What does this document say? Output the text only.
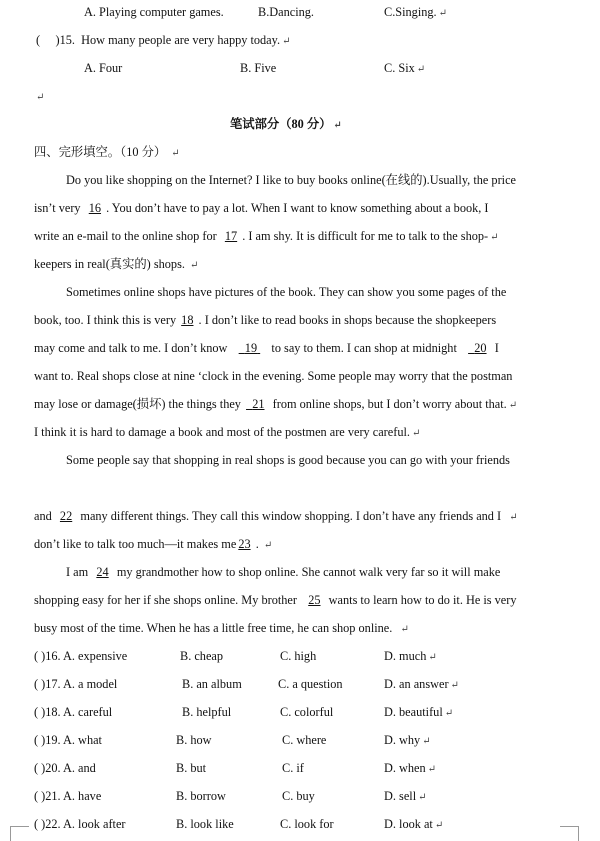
A. Playing computer games.	B.Dancing.	C.Singing. ↵
( )15. How many people are very happy today. ↵
A. Four	B. Five	C. Six ↵
↵
笔试部分（80 分） ↵
四、完形填空。（10 分） ↵
Do you like shopping on the Internet? I like to buy books online(在线的).Usually, the price
isn’t very 16 . You don’t have to pay a lot. When I want to know something about a book, I
write an e-mail to the online shop for 17 . I am shy. It is difficult for me to talk to the shop- ↵
keepers in real(真实的) shops. ↵
Sometimes online shops have pictures of the book. They can show you some pages of the
book, too. I think this is very 18 . I don’t like to read books in shops because the shopkeepers
may come and talk to me. I don’t know 19 to say to them. I can shop at midnight 20 I
want to. Real shops close at nine ‘clock in the evening. Some people may worry that the postman
may lose or damage(损坏) the things they 21 from online shops, but I don’t worry about that. ↵
I think it is hard to damage a book and most of the postmen are very careful. ↵
Some people say that shopping in real shops is good because you can go with your friends
and 22 many different things. They call this window shopping. I don’t have any friends and I ↵
don’t like to talk too much—it makes me 23 . ↵
I am 24 my grandmother how to shop online. She cannot walk very far so it will make
shopping easy for her if she shops online. My brother 25 wants to learn how to do it. He is very
busy most of the time. When he has a little free time, he can shop online. ↵
( )16. A. expensive	B. cheap	C. high	D. much ↵
( )17. A. a model	B. an album	C. a question	D. an answer ↵
( )18. A. careful	B. helpful	C. colorful	D. beautiful ↵
( )19. A. what	B. how	C. where	D. why ↵
( )20. A. and	B. but	C. if	D. when ↵
( )21. A. have	B. borrow	C. buy	D. sell ↵
( )22. A. look after	B. look like	C. look for	D. look at ↵
